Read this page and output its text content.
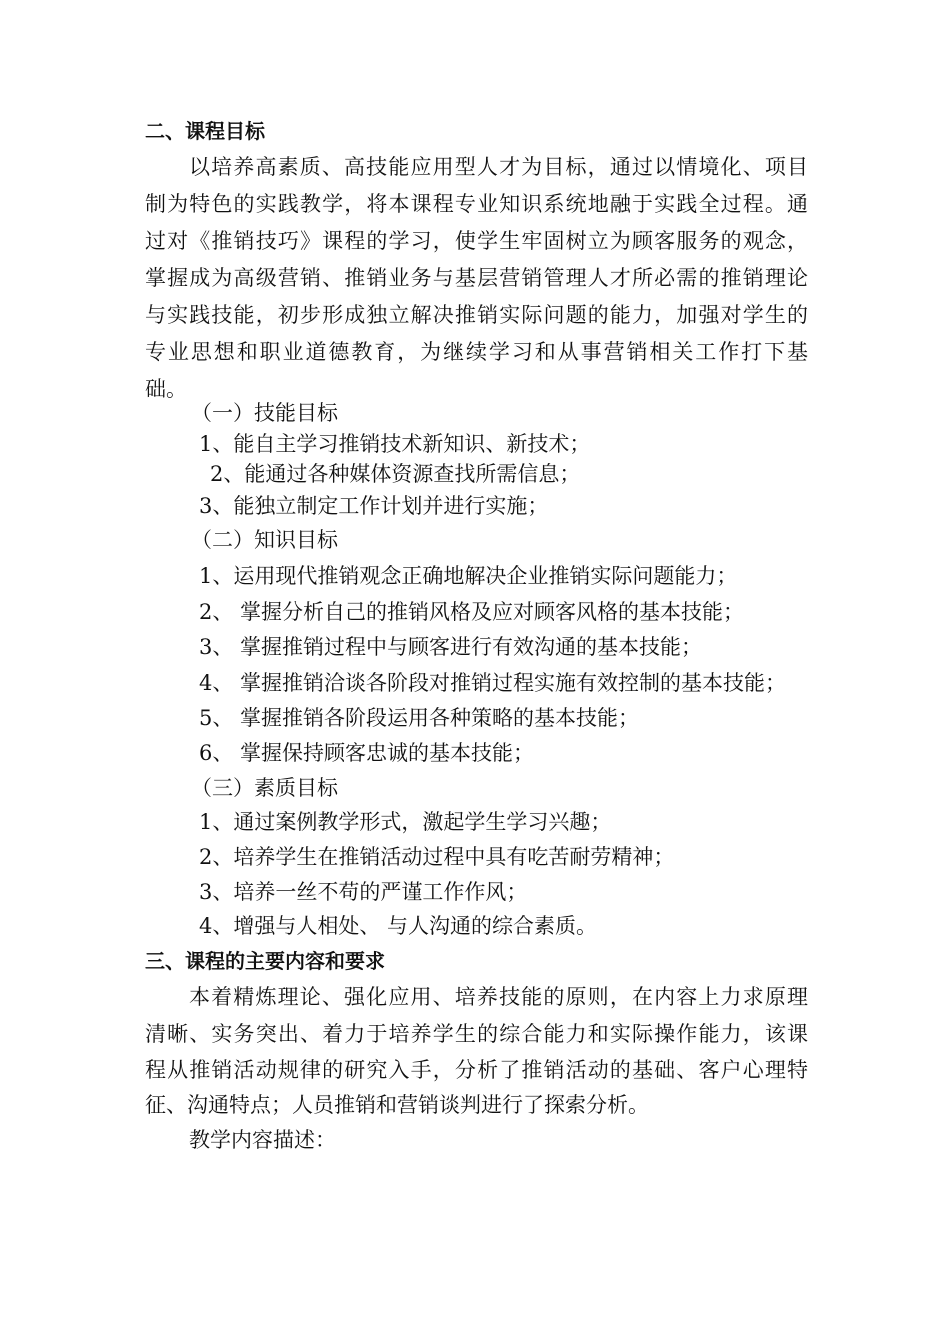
二、课程目标
以培养高素质、高技能应用型人才为目标，通过以情境化、项目
制为特色的实践教学，将本课程专业知识系统地融于实践全过程。通
过对《推销技巧》课程的学习，使学生牢固树立为顾客服务的观念，
掌握成为高级营销、推销业务与基层营销管理人才所必需的推销理论
与实践技能，初步形成独立解决推销实际问题的能力，加强对学生的
专业思想和职业道德教育，为继续学习和从事营销相关工作打下基
础。
（一）技能目标
1、能自主学习推销技术新知识、新技术；
2、能通过各种媒体资源查找所需信息；
3、能独立制定工作计划并进行实施；
（二）知识目标
1、运用现代推销观念正确地解决企业推销实际问题能力；
2、 掌握分析自己的推销风格及应对顾客风格的基本技能；
3、 掌握推销过程中与顾客进行有效沟通的基本技能；
4、 掌握推销洽谈各阶段对推销过程实施有效控制的基本技能；
5、 掌握推销各阶段运用各种策略的基本技能；
6、 掌握保持顾客忠诚的基本技能；
（三）素质目标
1、通过案例教学形式，激起学生学习兴趣；
2、培养学生在推销活动过程中具有吃苦耐劳精神；
3、培养一丝不苟的严谨工作作风；
4、增强与人相处、 与人沟通的综合素质。
三、课程的主要内容和要求
本着精炼理论、强化应用、培养技能的原则，在内容上力求原理
清晰、实务突出、着力于培养学生的综合能力和实际操作能力，该课
程从推销活动规律的研究入手，分析了推销活动的基础、客户心理特
征、沟通特点；人员推销和营销谈判进行了探索分析。
教学内容描述：
